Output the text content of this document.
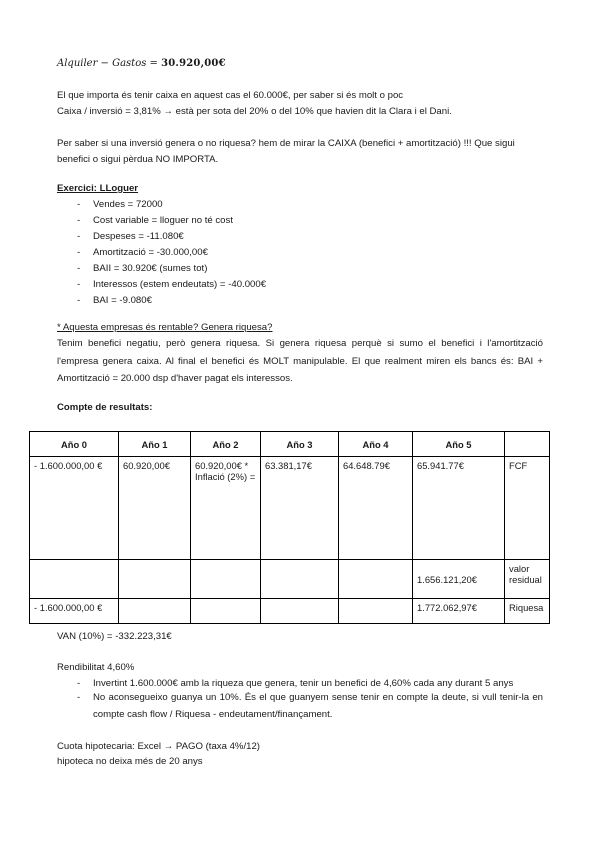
Alquiler − Gastos = 30.920,00€
El que importa és tenir caixa en aquest cas el 60.000€, per saber si és molt o poc
Caixa / inversió = 3,81% → està per sota del 20% o del 10% que havien dit la Clara i el Dani.
Per saber si una inversió genera o no riquesa? hem de mirar la CAIXA (benefici + amortització) !!! Que sigui
benefici o sigui pèrdua NO IMPORTA.
Exercici: LLoguer
- Vendes = 72000
- Cost variable = lloguer no té cost
- Despeses = -11.080€
- Amortització = -30.000,00€
- BAII = 30.920€ (sumes tot)
- Interessos (estem endeutats) = -40.000€
- BAI = -9.080€
* Aquesta empresas és rentable? Genera riquesa?
Tenim benefici negatiu, però genera riquesa. Si genera riquesa perquè si sumo el benefici i l'amortització l'empresa genera caixa. Al final el benefici és MOLT manipulable. El que realment miren els bancs és: BAI + Amortització = 20.000 dsp d'haver pagat els interessos.
Compte de resultats:
Año 0	Año 1	Año 2	Año 3	Año 4	Año 5	
- 1.600.000,00 €	60.920,00€	60.920,00€ * Inflació (2%) =	63.381,17€	64.648.79€	65.941.77€	FCF
					1.656.121,20€	valor residual
- 1.600.000,00 €					1.772.062,97€	Riquesa
VAN (10%) = -332.223,31€
Rendibilitat 4,60%
- Invertint 1.600.000€ amb la riqueza que genera, tenir un benefici de 4,60% cada any durant 5 anys
- No aconsegueixo guanya un 10%. És el que guanyem sense tenir en compte la deute, si vull tenir-la en compte cash flow / Riquesa - endeutament/finançament.
Cuota hipotecaria: Excel → PAGO (taxa 4%/12)
hipoteca no deixa més de 20 anys
